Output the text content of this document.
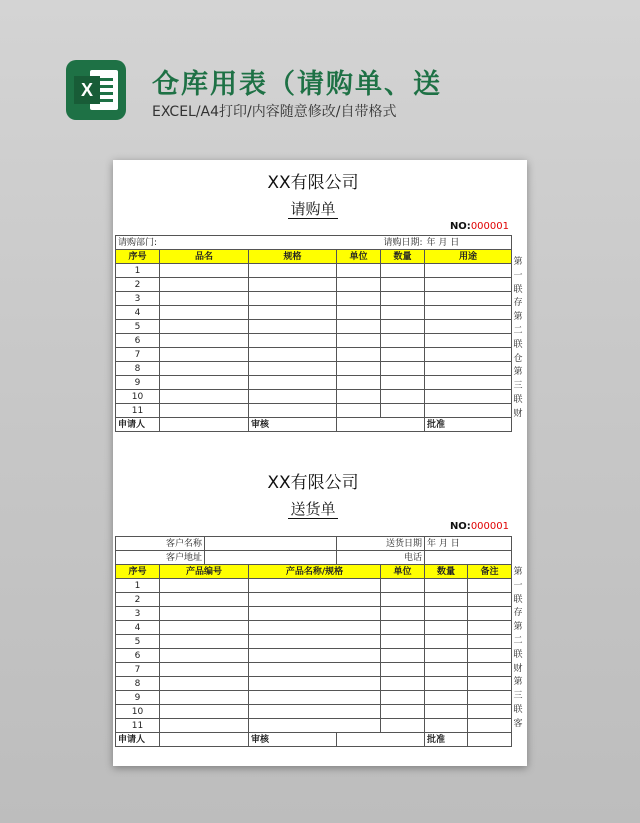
X 仓库用表（请购单、送
EXCEL/A4打印/内容随意修改/自带格式
XX有限公司
请购单
NO:000001
请购部门:			请购日期:		年 月 日
序号	品名	规格	单位	数量	用途
1					
2					
3					
4					
5					
6					
7					
8					
9					
10					
11					
申请人		审核			批准
第
一
联
存
第
二
联
仓
第
三
联
财
XX有限公司
送货单
NO:000001
客户名称				送货日期		年 月 日	
客户地址				电话			
序号	产品编号		产品名称/规格		单位	数量	备注
1							
2							
3							
4							
5							
6							
7							
8							
9							
10							
11							
申请人			审核			批准	
第
一
联
存
第
二
联
财
第
三
联
客
